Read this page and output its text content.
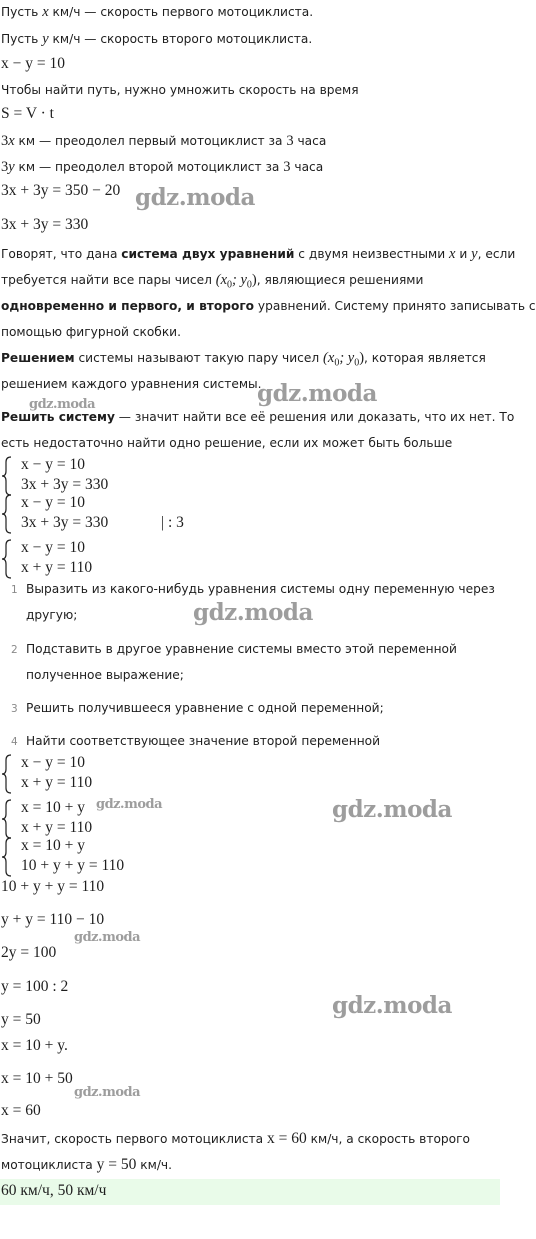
Пусть x км/ч — скорость первого мотоциклиста.
Пусть y км/ч — скорость второго мотоциклиста.
x − y = 10
Чтобы найти путь, нужно умножить скорость на время
S = V · t
3x км — преодолел первый мотоциклист за 3 часа
3y км — преодолел второй мотоциклист за 3 часа
3x + 3y = 350 − 20
3x + 3y = 330
Говорят, что дана система двух уравнений с двумя неизвестными x и y, если
требуется найти все пары чисел ($x_0$; $y_0$), являющиеся решениями
одновременно и первого, и второго уравнений. Систему принято записывать с
помощью фигурной скобки.
Решением системы называют такую пару чисел ($x_0$; $y_0$), которая является
решением каждого уравнения системы.
Решить систему — значит найти все её решения или доказать, что их нет. То
есть недостаточно найти одно решение, если их может быть больше
x − y = 10
3x + 3y = 330
x − y = 10
3x + 3y = 330	| : 3
x − y = 10
x + y = 110
1 Выразить из какого-нибудь уравнения системы одну переменную через
другую;
2 Подставить в другое уравнение системы вместо этой переменной
полученное выражение;
3 Решить получившееся уравнение с одной переменной;
4 Найти соответствующее значение второй переменной
x − y = 10
x + y = 110
x = 10 + y
x + y = 110
x = 10 + y
10 + y + y = 110
10 + y + y = 110
y + y = 110 − 10
2y = 100
y = 100 : 2
y = 50
x = 10 + y.
x = 10 + 50
x = 60
Значит, скорость первого мотоциклиста x = 60 км/ч, а скорость второго
мотоциклиста y = 50 км/ч.
60 км/ч, 50 км/ч
gdz.moda
gdz.moda	gdz.moda
gdz.moda
gdz.moda	gdz.moda
gdz.moda
gdz.moda
gdz.moda
